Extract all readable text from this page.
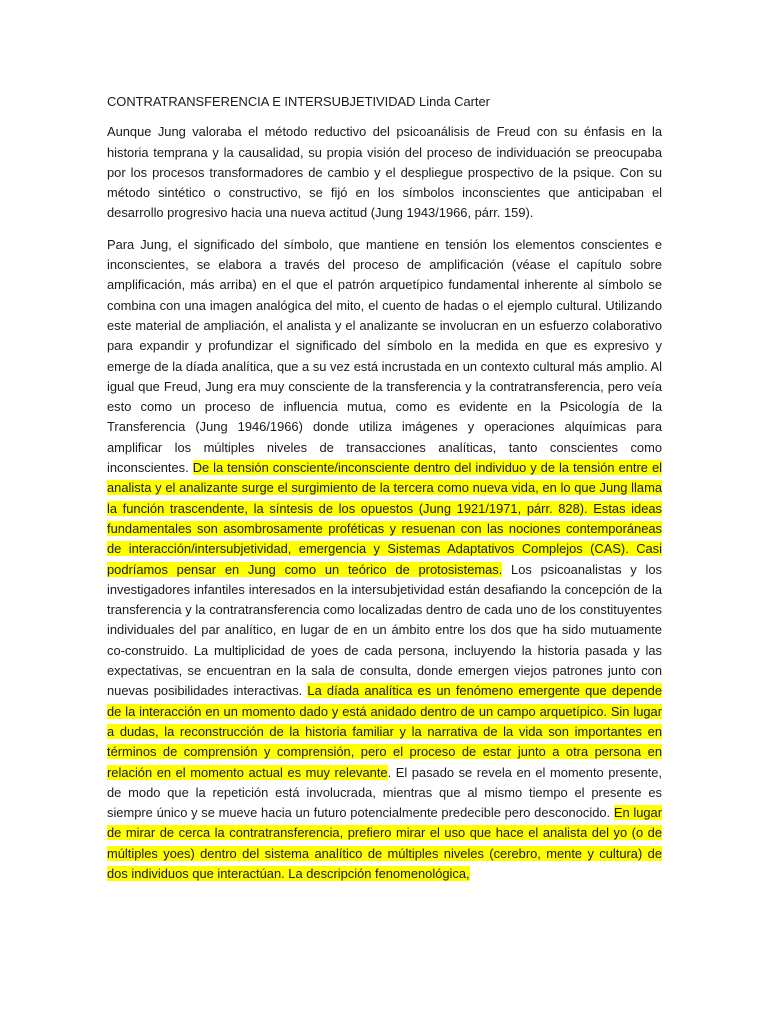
CONTRATRANSFERENCIA E INTERSUBJETIVIDAD Linda Carter

Aunque Jung valoraba el método reductivo del psicoanálisis de Freud con su énfasis en la historia temprana y la causalidad, su propia visión del proceso de individuación se preocupaba por los procesos transformadores de cambio y el despliegue prospectivo de la psique. Con su método sintético o constructivo, se fijó en los símbolos inconscientes que anticipaban el desarrollo progresivo hacia una nueva actitud (Jung 1943/1966, párr. 159).

Para Jung, el significado del símbolo, que mantiene en tensión los elementos conscientes e inconscientes, se elabora a través del proceso de amplificación (véase el capítulo sobre amplificación, más arriba) en el que el patrón arquetípico fundamental inherente al símbolo se combina con una imagen analógica del mito, el cuento de hadas o el ejemplo cultural. Utilizando este material de ampliación, el analista y el analizante se involucran en un esfuerzo colaborativo para expandir y profundizar el significado del símbolo en la medida en que es expresivo y emerge de la díada analítica, que a su vez está incrustada en un contexto cultural más amplio. Al igual que Freud, Jung era muy consciente de la transferencia y la contratransferencia, pero veía esto como un proceso de influencia mutua, como es evidente en la Psicología de la Transferencia (Jung 1946/1966) donde utiliza imágenes y operaciones alquímicas para amplificar los múltiples niveles de transacciones analíticas, tanto conscientes como inconscientes. De la tensión consciente/inconsciente dentro del individuo y de la tensión entre el analista y el analizante surge el surgimiento de la tercera como nueva vida, en lo que Jung llama la función trascendente, la síntesis de los opuestos (Jung 1921/1971, párr. 828). Estas ideas fundamentales son asombrosamente proféticas y resuenan con las nociones contemporáneas de interacción/intersubjetividad, emergencia y Sistemas Adaptativos Complejos (CAS). Casi podríamos pensar en Jung como un teórico de protosistemas. Los psicoanalistas y los investigadores infantiles interesados en la intersubjetividad están desafiando la concepción de la transferencia y la contratransferencia como localizadas dentro de cada uno de los constituyentes individuales del par analítico, en lugar de en un ámbito entre los dos que ha sido mutuamente co-construido. La multiplicidad de yoes de cada persona, incluyendo la historia pasada y las expectativas, se encuentran en la sala de consulta, donde emergen viejos patrones junto con nuevas posibilidades interactivas. La díada analítica es un fenómeno emergente que depende de la interacción en un momento dado y está anidado dentro de un campo arquetípico. Sin lugar a dudas, la reconstrucción de la historia familiar y la narrativa de la vida son importantes en términos de comprensión y comprensión, pero el proceso de estar junto a otra persona en relación en el momento actual es muy relevante. El pasado se revela en el momento presente, de modo que la repetición está involucrada, mientras que al mismo tiempo el presente es siempre único y se mueve hacia un futuro potencialmente predecible pero desconocido. En lugar de mirar de cerca la contratransferencia, prefiero mirar el uso que hace el analista del yo (o de múltiples yoes) dentro del sistema analítico de múltiples niveles (cerebro, mente y cultura) de dos individuos que interactúan. La descripción fenomenológica,
